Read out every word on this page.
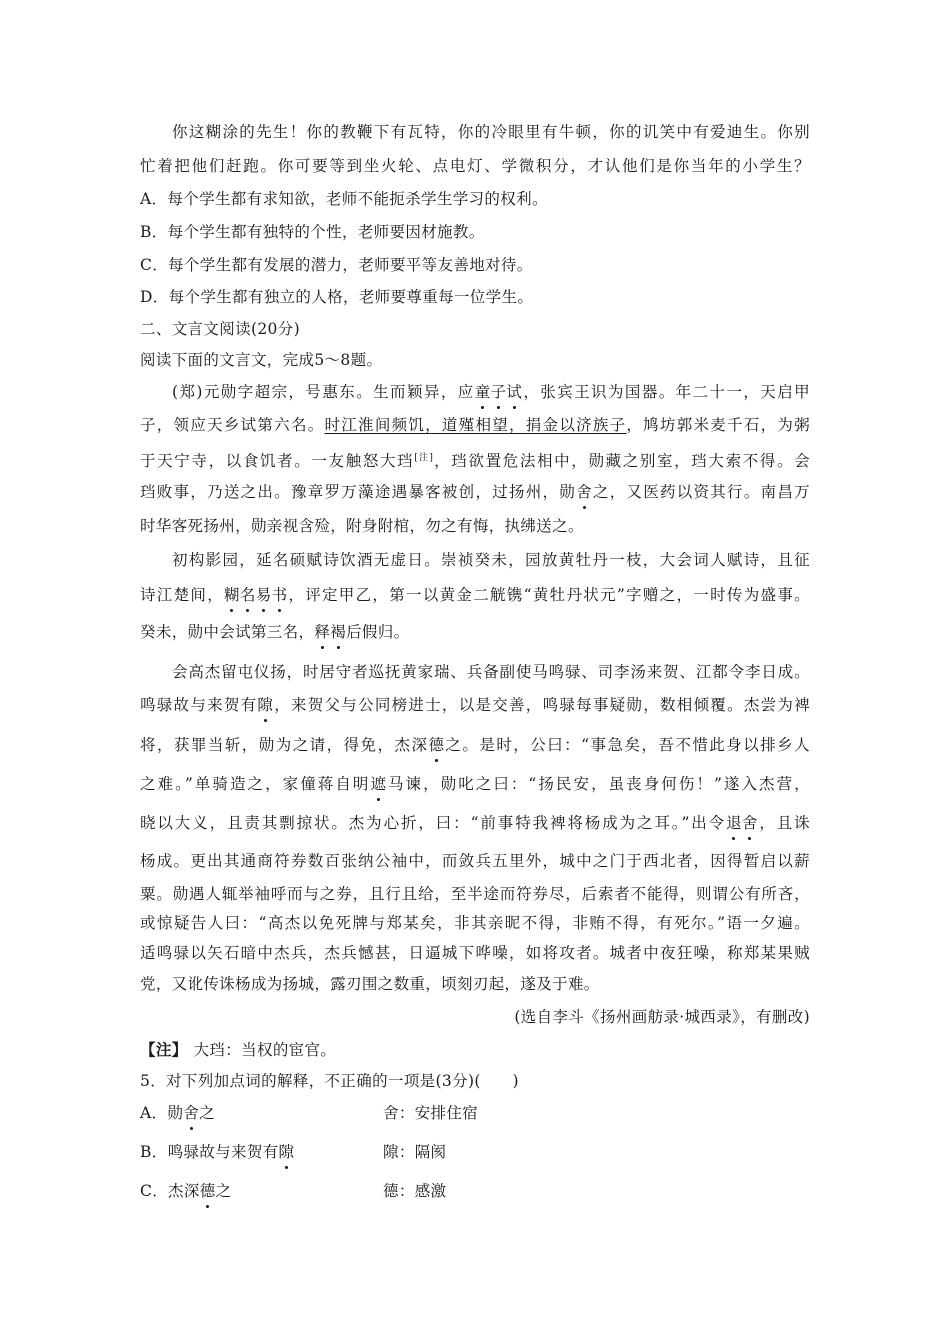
你这糊涂的先生！你的教鞭下有瓦特，你的冷眼里有牛顿，你的讥笑中有爱迪生。你别
忙着把他们赶跑。你可要等到坐火轮、点电灯、学微积分，才认他们是你当年的小学生？
A．每个学生都有求知欲，老师不能扼杀学生学习的权利。
B．每个学生都有独特的个性，老师要因材施教。
C．每个学生都有发展的潜力，老师要平等友善地对待。
D．每个学生都有独立的人格，老师要尊重每一位学生。
二、文言文阅读(20分)
阅读下面的文言文，完成5～8题。
(郑)元勋字超宗，号惠东。生而颖异，应童子试，张宾王识为国器。年二十一，天启甲
子，领应天乡试第六名。时江淮间频饥，道殣相望，捐金以济族子，鸠坊郭米麦千石，为粥
于天宁寺，以食饥者。一友触怒大珰[注]，珰欲置危法相中，勋藏之别室，珰大索不得。会
珰败事，乃送之出。豫章罗万藻途遇暴客被创，过扬州，勋舍之，又医药以资其行。南昌万
时华客死扬州，勋亲视含殓，附身附棺，勿之有悔，执绋送之。
初构影园，延名硕赋诗饮酒无虚日。崇祯癸未，园放黄牡丹一枝，大会词人赋诗，且征
诗江楚间，糊名易书，评定甲乙，第一以黄金二觥镌“黄牡丹状元”字赠之，一时传为盛事。
癸未，勋中会试第三名，释褐后假归。
会高杰留屯仪扬，时居守者巡抚黄家瑞、兵备副使马鸣𫘧、司李汤来贺、江都令李日成。
鸣𫘧故与来贺有隙，来贺父与公同榜进士，以是交善，鸣𫘧每事疑勋，数相倾覆。杰尝为裨
将，获罪当斩，勋为之请，得免，杰深德之。是时，公曰：“事急矣，吾不惜此身以排乡人
之难。”单骑造之，家僮蒋自明遮马谏，勋叱之曰：“扬民安，虽丧身何伤！”遂入杰营，
晓以大义，且责其剽掠状。杰为心折，曰：“前事特我裨将杨成为之耳。”出令退舍，且诛
杨成。更出其通商符券数百张纳公袖中，而敛兵五里外，城中之门于西北者，因得暂启以薪
粟。勋遇人辄举袖呼而与之券，且行且给，至半途而符券尽，后索者不能得，则谓公有所吝，
或惊疑告人曰：“高杰以免死牌与郑某矣，非其亲昵不得，非贿不得，有死尔。”语一夕遍。
适鸣𫘧以矢石暗中杰兵，杰兵憾甚，日逼城下哗噪，如将攻者。城者中夜狂噪，称郑某果贼
党，又讹传诛杨成为扬城，露刃围之数重，顷刻刃起，遂及于难。
(选自李斗《扬州画舫录·城西录》，有删改)
【注】 大珰：当权的宦官。
5．对下列加点词的解释，不正确的一项是(3分)(　　)
A．勋舍之	舍：安排住宿
B．鸣𫘧故与来贺有隙	隙：隔阂
C．杰深德之	德：感激
